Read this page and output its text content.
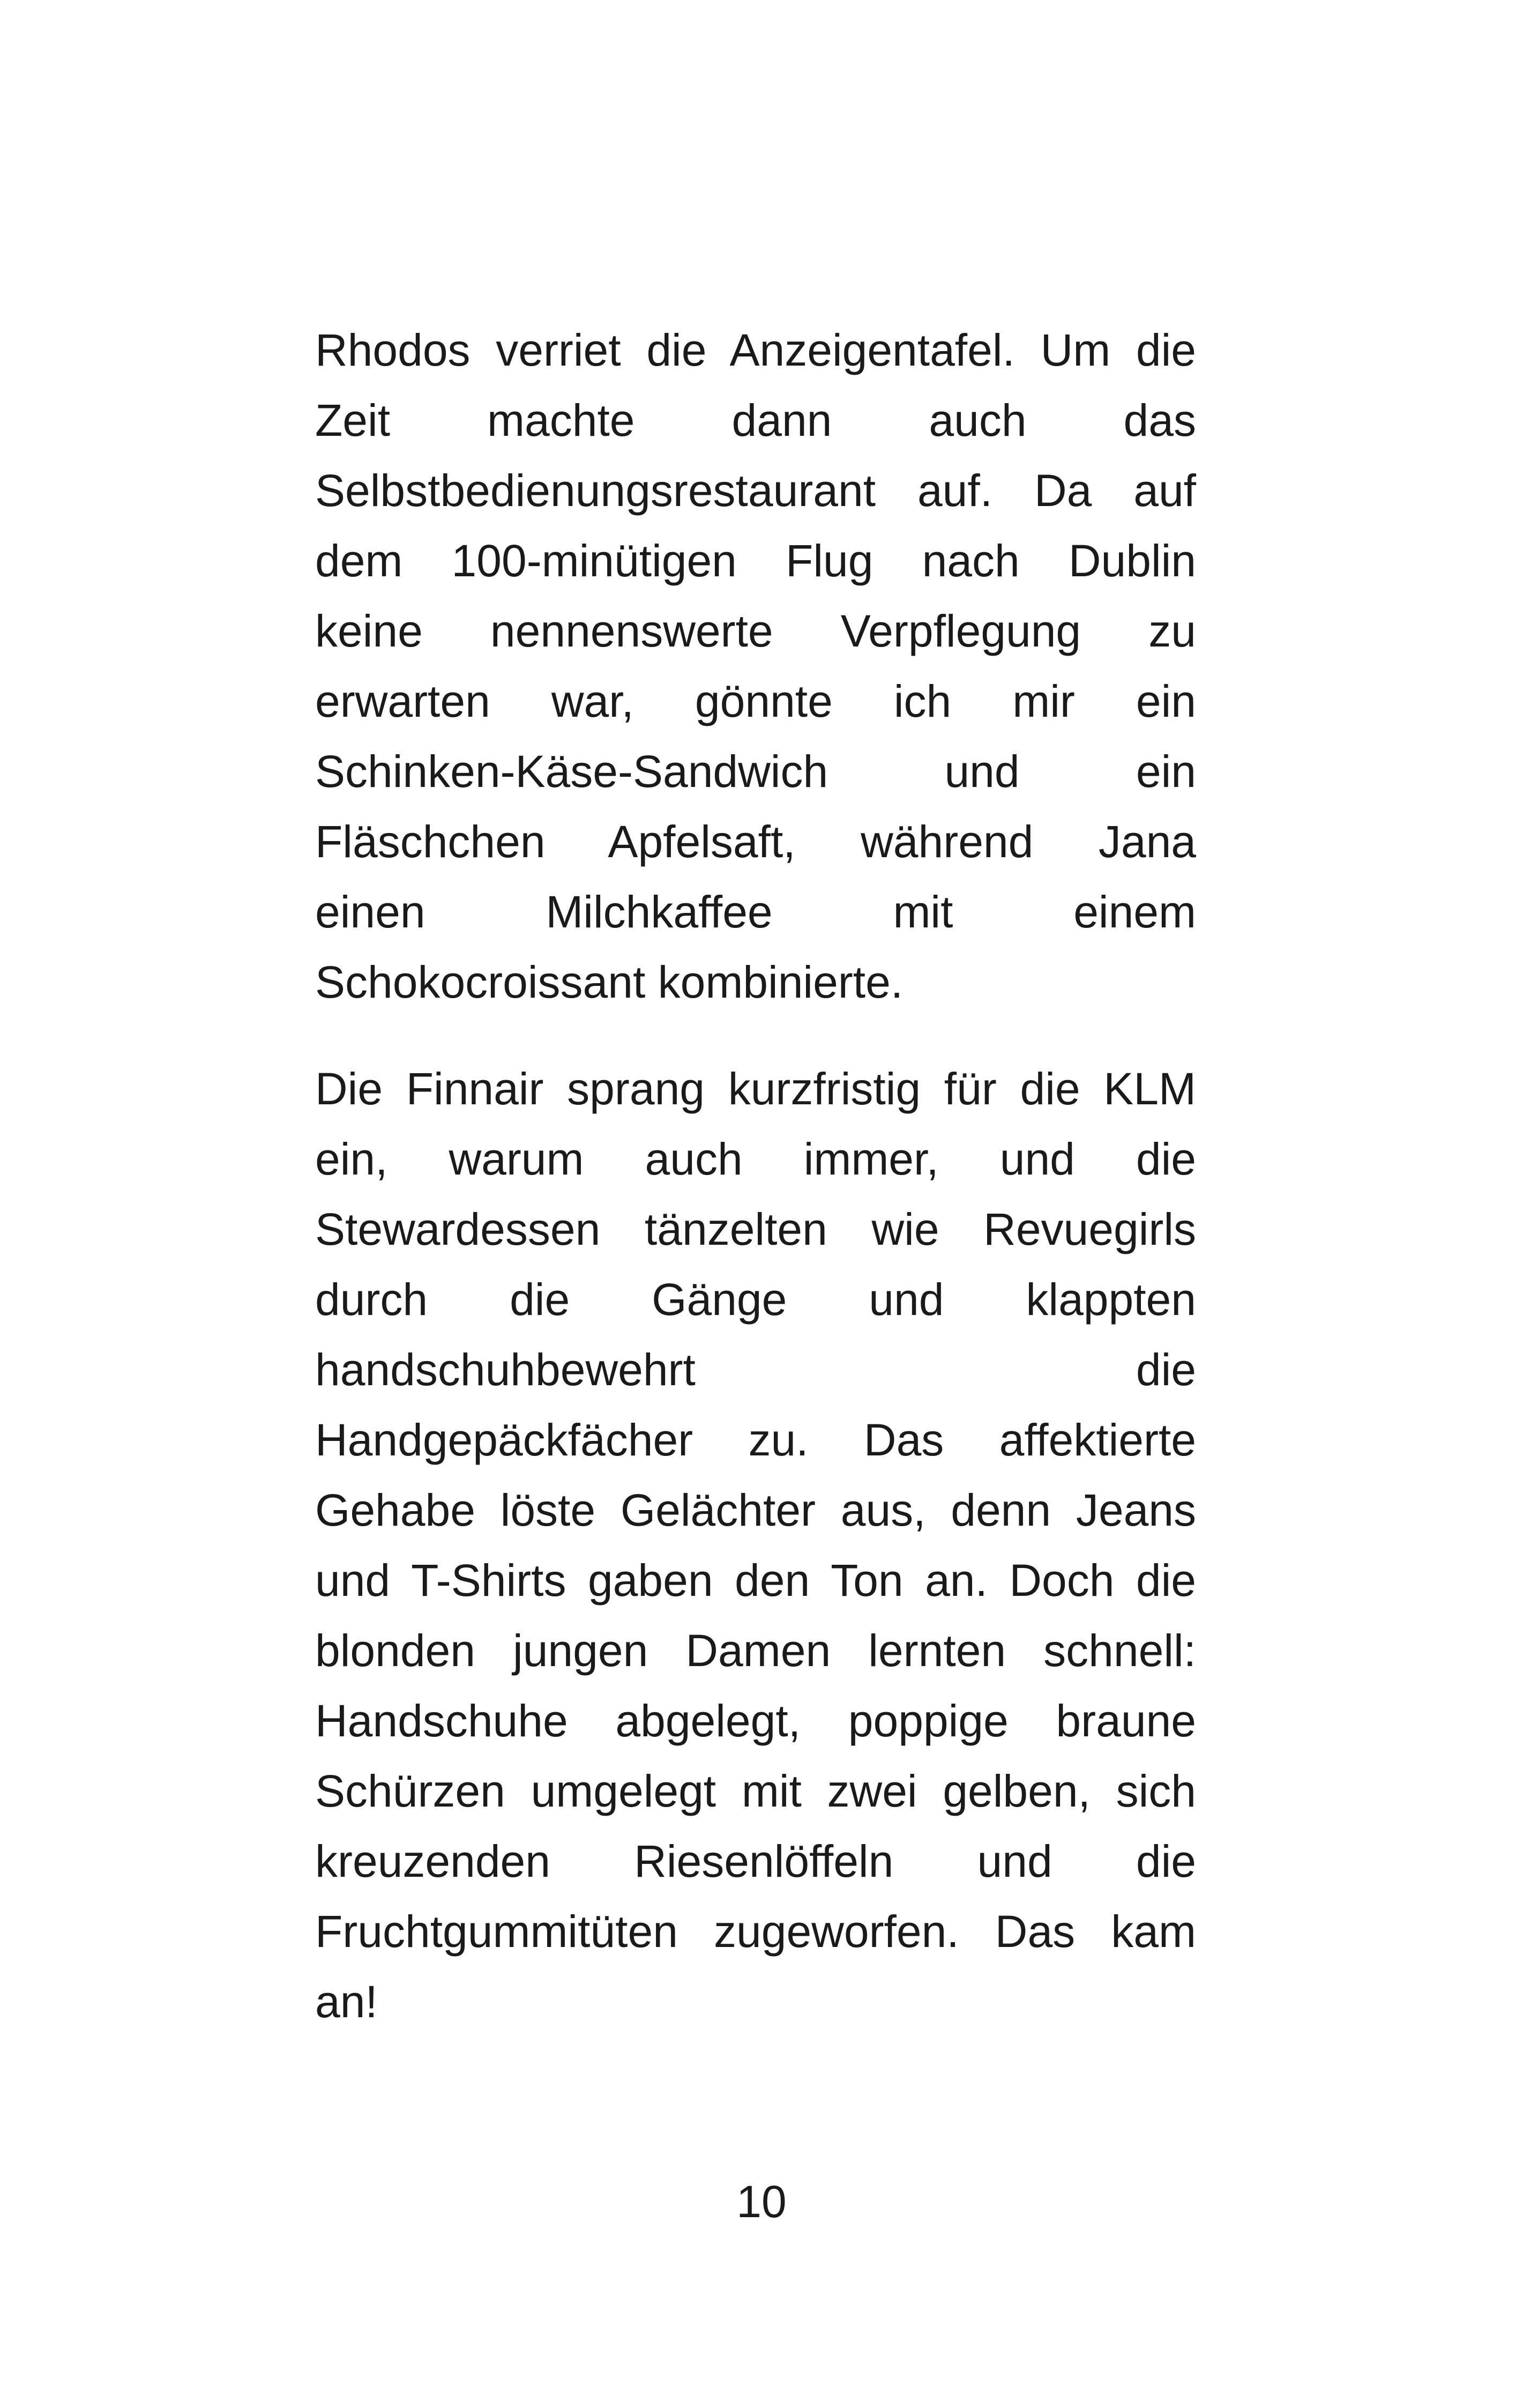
Rhodos verriet die Anzeigentafel. Um die
Zeit machte dann auch das
Selbstbedienungsrestaurant auf. Da auf
dem 100-minütigen Flug nach Dublin
keine nennenswerte Verpflegung zu
erwarten war, gönnte ich mir ein
Schinken-Käse-Sandwich und ein
Fläschchen Apfelsaft, während Jana
einen Milchkaffee mit einem
Schokocroissant kombinierte.
Die Finnair sprang kurzfristig für die KLM
ein, warum auch immer, und die
Stewardessen tänzelten wie Revuegirls
durch die Gänge und klappten
handschuhbewehrt die
Handgepäckfächer zu. Das affektierte
Gehabe löste Gelächter aus, denn Jeans
und T-Shirts gaben den Ton an. Doch die
blonden jungen Damen lernten schnell:
Handschuhe abgelegt, poppige braune
Schürzen umgelegt mit zwei gelben, sich
kreuzenden Riesenlöffeln und die
Fruchtgummitüten zugeworfen. Das kam
an!
10
